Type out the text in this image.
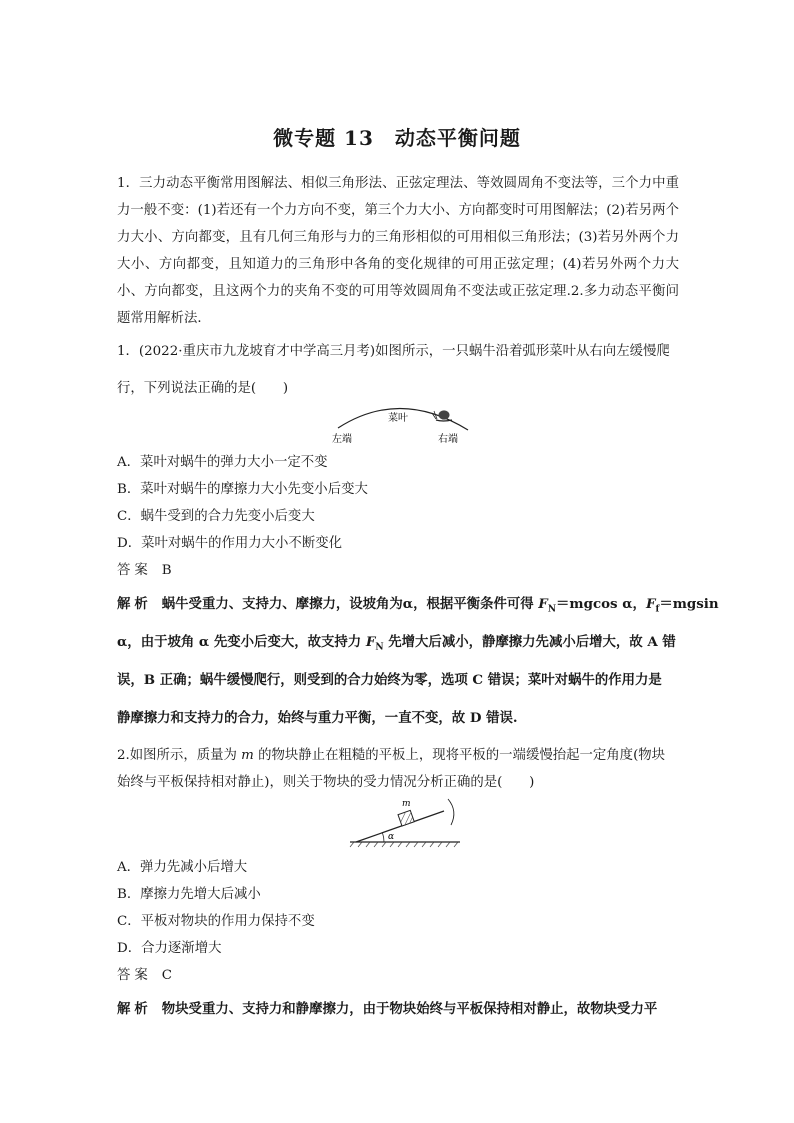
微专题 13　动态平衡问题
1．三力动态平衡常用图解法、相似三角形法、正弦定理法、等效圆周角不变法等，三个力中重力一般不变：(1)若还有一个力方向不变，第三个力大小、方向都变时可用图解法；(2)若另两个力大小、方向都变，且有几何三角形与力的三角形相似的可用相似三角形法；(3)若另外两个力大小、方向都变，且知道力的三角形中各角的变化规律的可用正弦定理；(4)若另外两个力大小、方向都变，且这两个力的夹角不变的可用等效圆周角不变法或正弦定理.2.多力动态平衡问题常用解析法．
1．(2022·重庆市九龙坡育才中学高三月考)如图所示，一只蜗牛沿着弧形菜叶从右向左缓慢爬
行，下列说法正确的是(　　)
左端
菜叶
右端
A．菜叶对蜗牛的弹力大小一定不变
B．菜叶对蜗牛的摩擦力大小先变小后变大
C．蜗牛受到的合力先变小后变大
D．菜叶对蜗牛的作用力大小不断变化
答案 B
解析 蜗牛受重力、支持力、摩擦力，设坡角为α，根据平衡条件可得 $F_N=mgcos$ α，$F_f=mgsin$
α，由于坡角 α 先变小后变大，故支持力 $F_N$ 先增大后减小，静摩擦力先减小后增大，故 A 错
误，B 正确；蜗牛缓慢爬行，则受到的合力始终为零，选项 C 错误；菜叶对蜗牛的作用力是
静摩擦力和支持力的合力，始终与重力平衡，一直不变，故 D 错误.
2.如图所示，质量为 m 的物块静止在粗糙的平板上，现将平板的一端缓慢抬起一定角度(物块
始终与平板保持相对静止)，则关于物块的受力情况分析正确的是(　　)
α
m
A．弹力先减小后增大
B．摩擦力先增大后减小
C．平板对物块的作用力保持不变
D．合力逐渐增大
答案 C
解析 物块受重力、支持力和静摩擦力，由于物块始终与平板保持相对静止，故物块受力平
